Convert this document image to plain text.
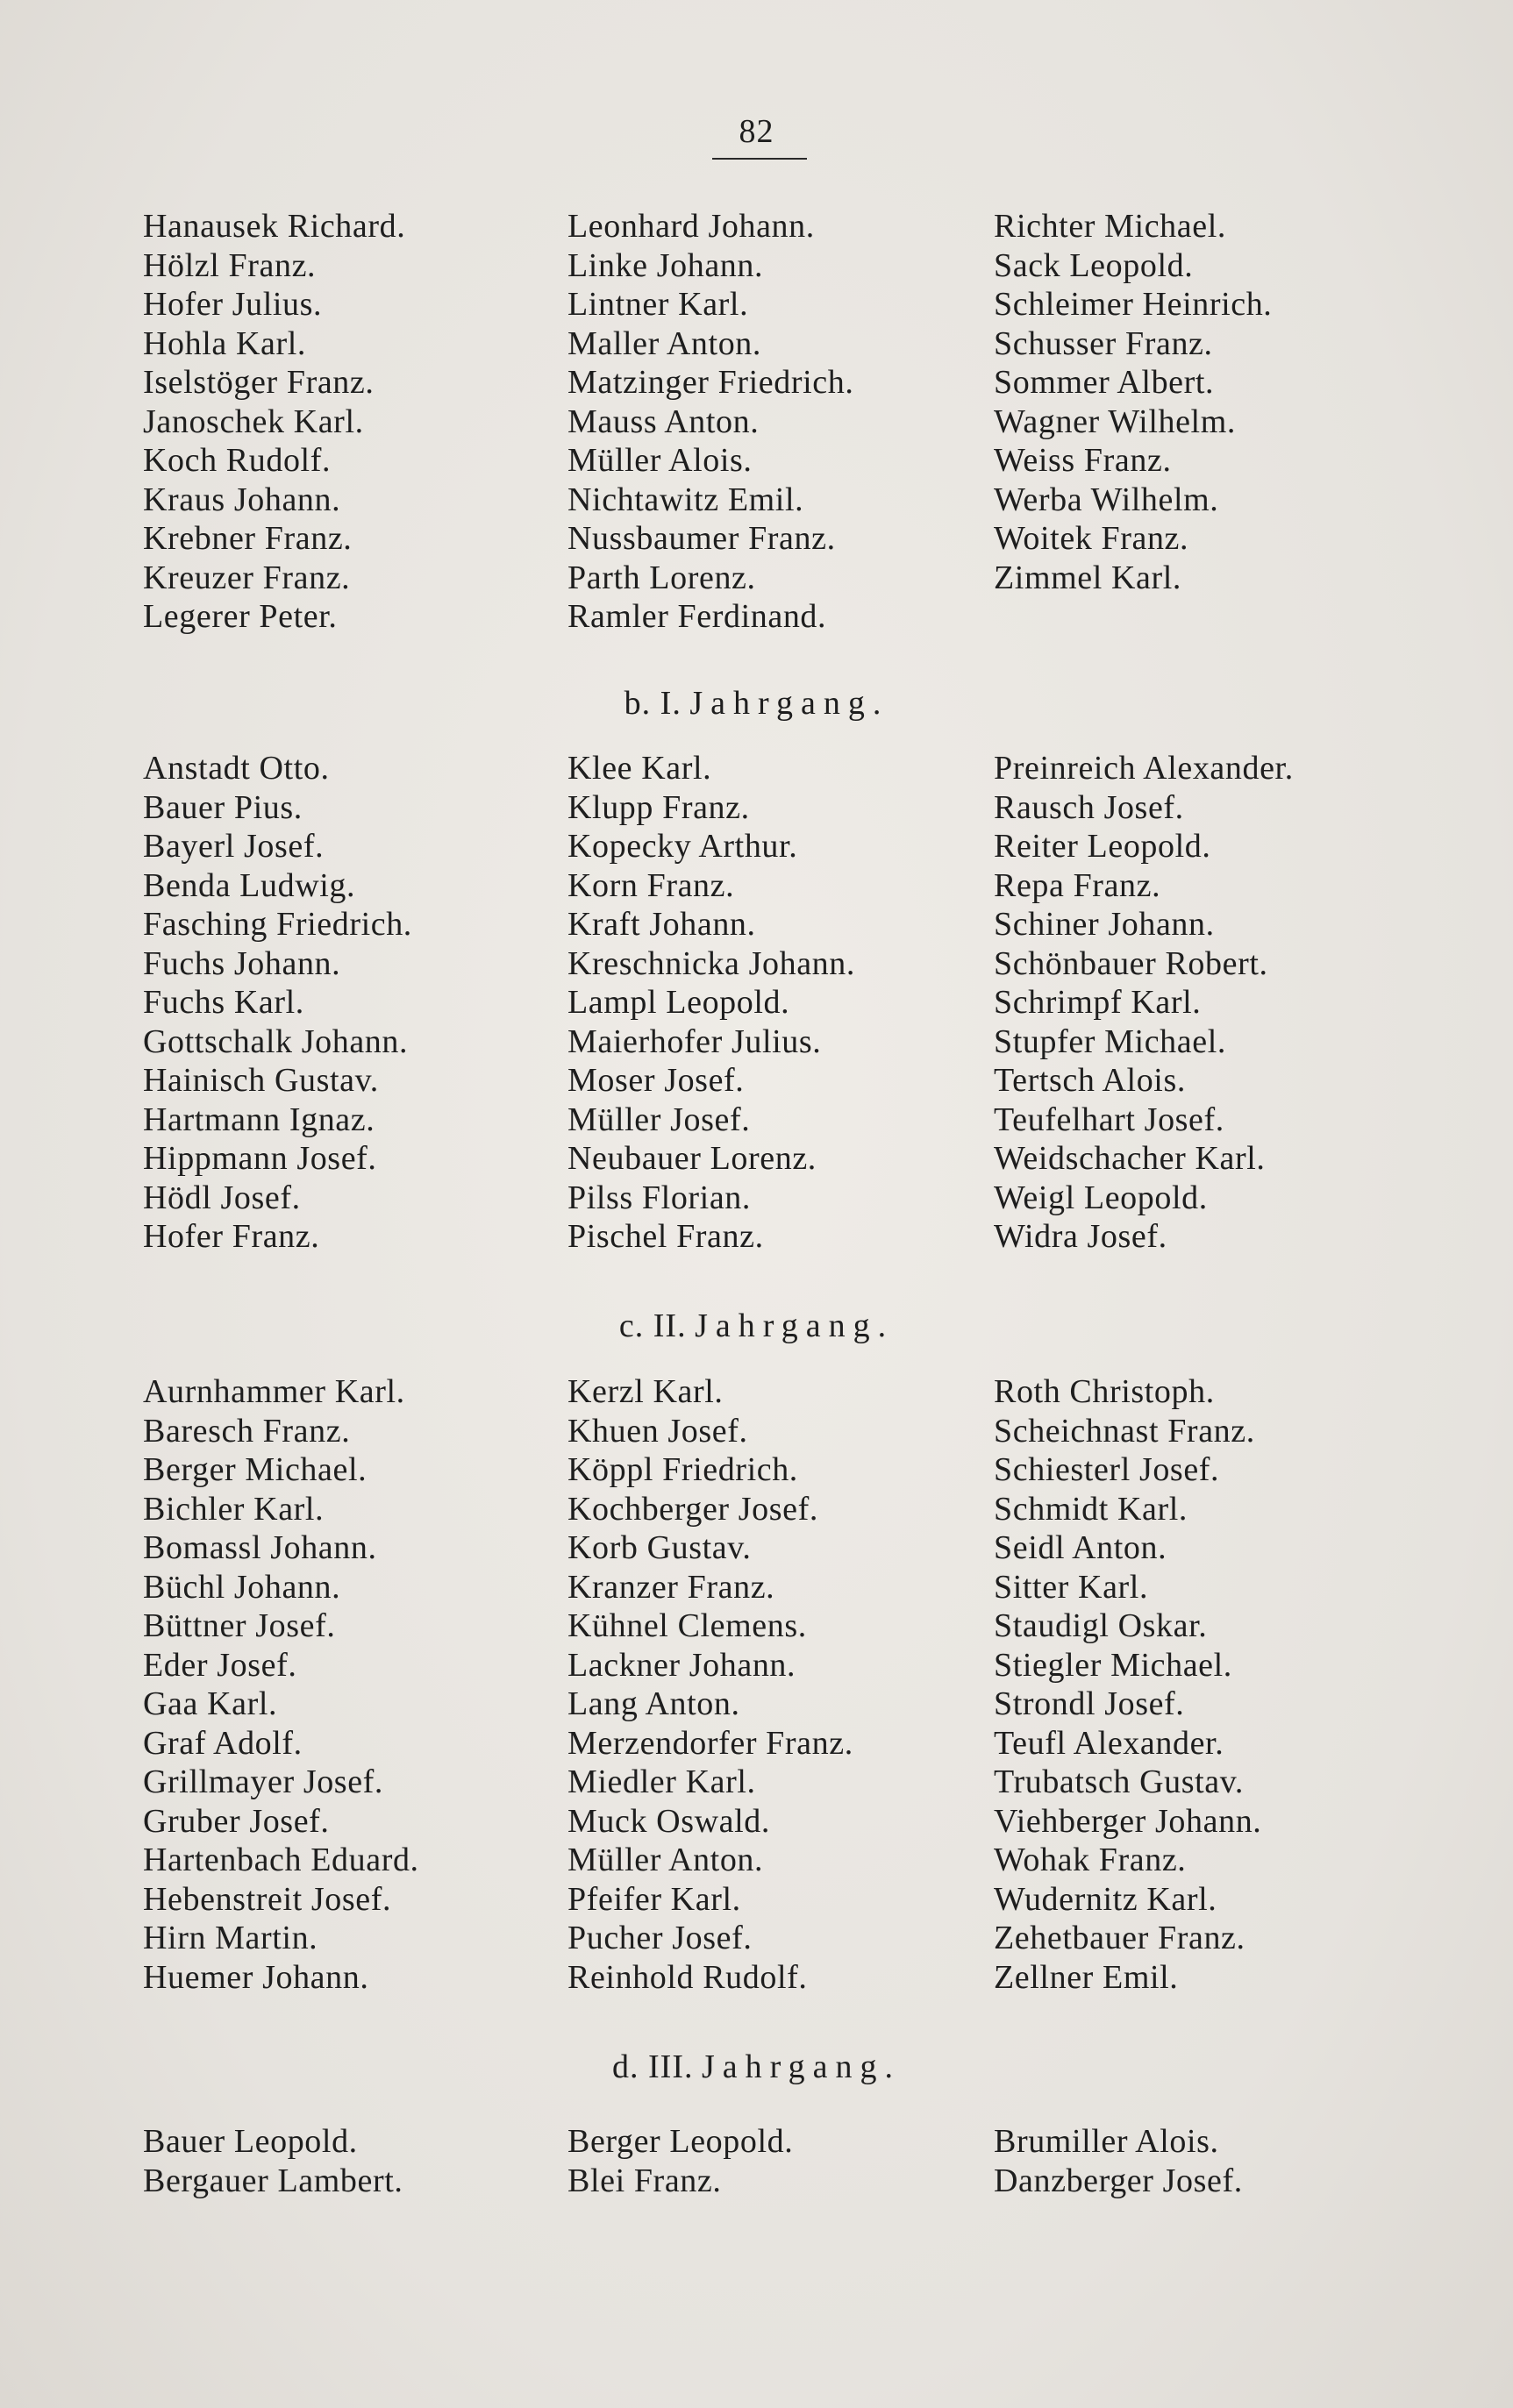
82
Hanausek Richard.
Hölzl Franz.
Hofer Julius.
Hohla Karl.
Iselstöger Franz.
Janoschek Karl.
Koch Rudolf.
Kraus Johann.
Krebner Franz.
Kreuzer Franz.
Legerer Peter.
Leonhard Johann.
Linke Johann.
Lintner Karl.
Maller Anton.
Matzinger Friedrich.
Mauss Anton.
Müller Alois.
Nichtawitz Emil.
Nussbaumer Franz.
Parth Lorenz.
Ramler Ferdinand.
Richter Michael.
Sack Leopold.
Schleimer Heinrich.
Schusser Franz.
Sommer Albert.
Wagner Wilhelm.
Weiss Franz.
Werba Wilhelm.
Woitek Franz.
Zimmel Karl.
b. I. Jahrgang.
Anstadt Otto.
Bauer Pius.
Bayerl Josef.
Benda Ludwig.
Fasching Friedrich.
Fuchs Johann.
Fuchs Karl.
Gottschalk Johann.
Hainisch Gustav.
Hartmann Ignaz.
Hippmann Josef.
Hödl Josef.
Hofer Franz.
Klee Karl.
Klupp Franz.
Kopecky Arthur.
Korn Franz.
Kraft Johann.
Kreschnicka Johann.
Lampl Leopold.
Maierhofer Julius.
Moser Josef.
Müller Josef.
Neubauer Lorenz.
Pilss Florian.
Pischel Franz.
Preinreich Alexander.
Rausch Josef.
Reiter Leopold.
Repa Franz.
Schiner Johann.
Schönbauer Robert.
Schrimpf Karl.
Stupfer Michael.
Tertsch Alois.
Teufelhart Josef.
Weidschacher Karl.
Weigl Leopold.
Widra Josef.
c. II. Jahrgang.
Aurnhammer Karl.
Baresch Franz.
Berger Michael.
Bichler Karl.
Bomassl Johann.
Büchl Johann.
Büttner Josef.
Eder Josef.
Gaa Karl.
Graf Adolf.
Grillmayer Josef.
Gruber Josef.
Hartenbach Eduard.
Hebenstreit Josef.
Hirn Martin.
Huemer Johann.
Kerzl Karl.
Khuen Josef.
Köppl Friedrich.
Kochberger Josef.
Korb Gustav.
Kranzer Franz.
Kühnel Clemens.
Lackner Johann.
Lang Anton.
Merzendorfer Franz.
Miedler Karl.
Muck Oswald.
Müller Anton.
Pfeifer Karl.
Pucher Josef.
Reinhold Rudolf.
Roth Christoph.
Scheichnast Franz.
Schiesterl Josef.
Schmidt Karl.
Seidl Anton.
Sitter Karl.
Staudigl Oskar.
Stiegler Michael.
Strondl Josef.
Teufl Alexander.
Trubatsch Gustav.
Viehberger Johann.
Wohak Franz.
Wudernitz Karl.
Zehetbauer Franz.
Zellner Emil.
d. III. Jahrgang.
Bauer Leopold.
Bergauer Lambert.
Berger Leopold.
Blei Franz.
Brumiller Alois.
Danzberger Josef.
